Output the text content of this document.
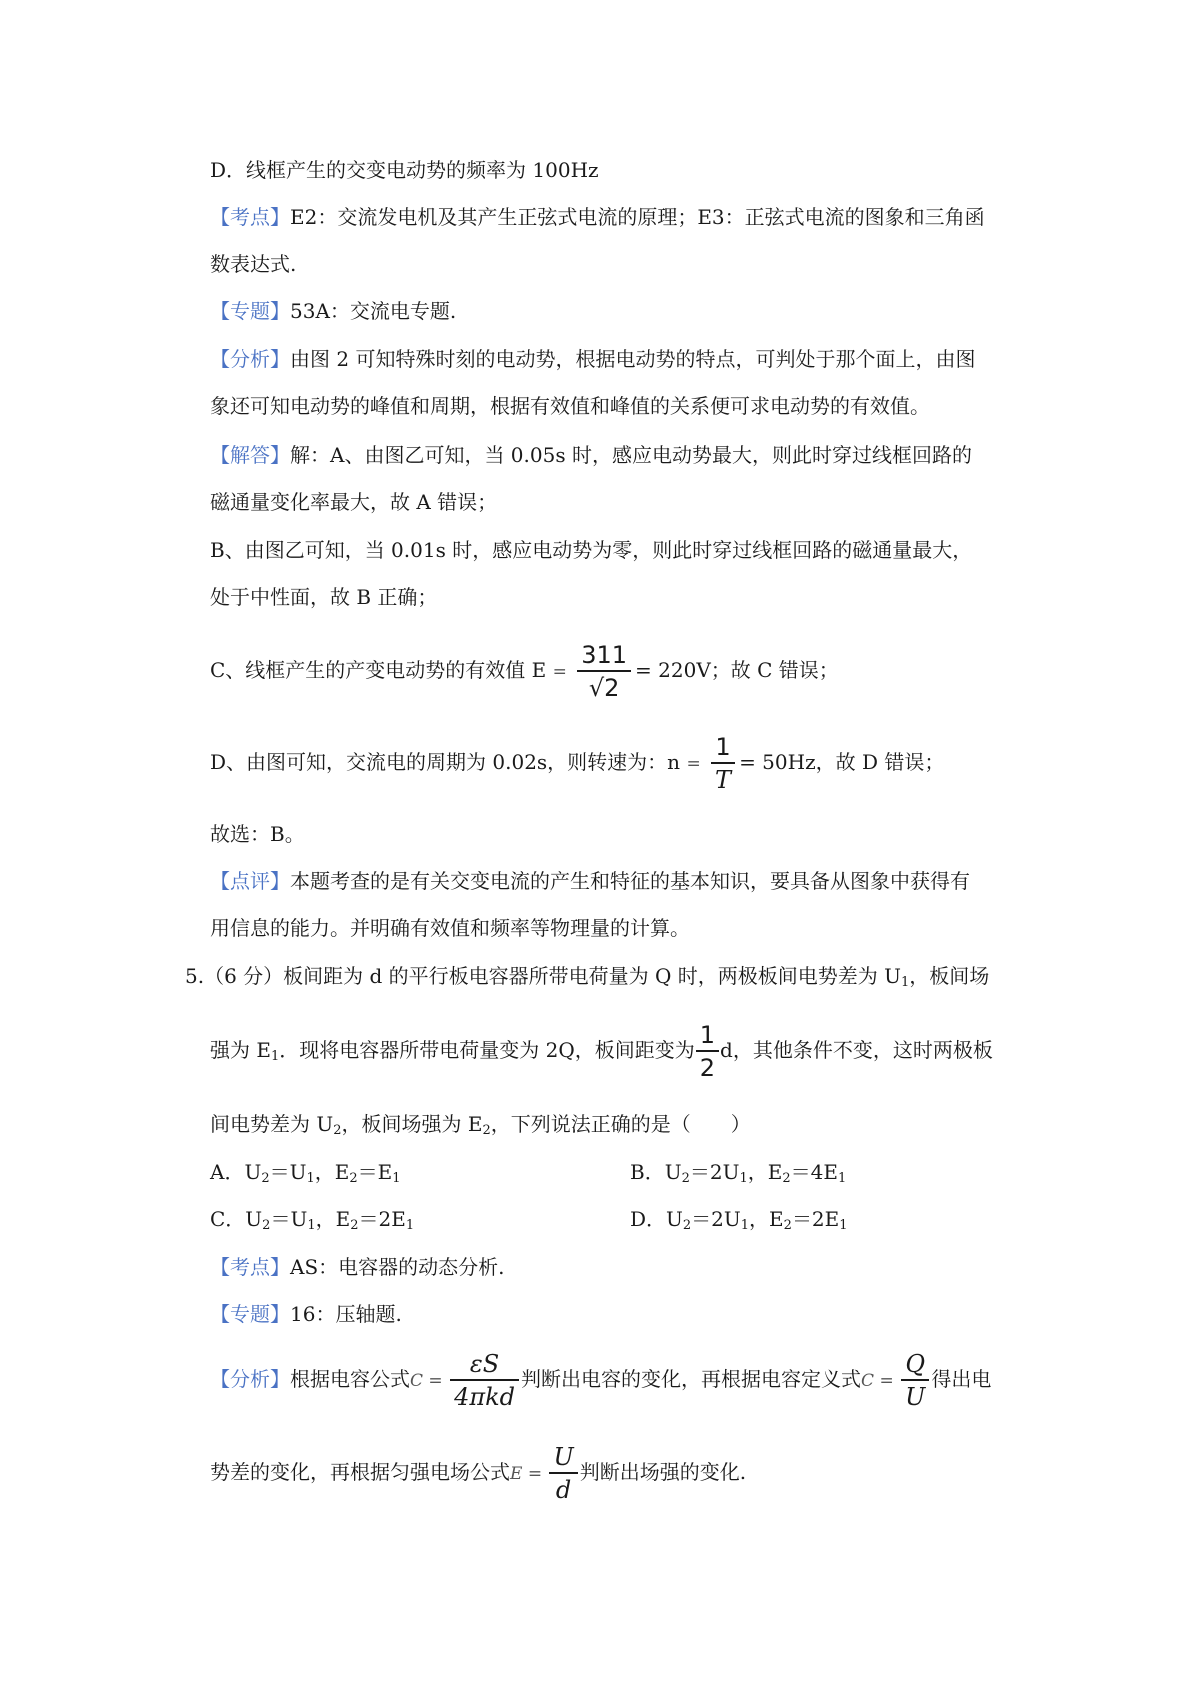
D．线框产生的交变电动势的频率为 100Hz
【考点】E2：交流发电机及其产生正弦式电流的原理；E3：正弦式电流的图象和三角函
数表达式.
【专题】53A：交流电专题.
【分析】由图 2 可知特殊时刻的电动势，根据电动势的特点，可判处于那个面上，由图
象还可知电动势的峰值和周期，根据有效值和峰值的关系便可求电动势的有效值。
【解答】解：A、由图乙可知，当 0.05s 时，感应电动势最大，则此时穿过线框回路的
磁通量变化率最大，故 A 错误；
B、由图乙可知，当 0.01s 时，感应电动势为零，则此时穿过线框回路的磁通量最大，
处于中性面，故 B 正确；
C、线框产生的产变电动势的有效值 $E = \frac{311}{√2} = 220V$；故 C 错误；
D、由图可知，交流电的周期为 0.02s，则转速为：$n = \frac{1}{T} = 50Hz$，故 D 错误；
故选：B。
【点评】本题考查的是有关交变电流的产生和特征的基本知识，要具备从图象中获得有
用信息的能力。并明确有效值和频率等物理量的计算。
5.（6 分）板间距为 d 的平行板电容器所带电荷量为 Q 时，两极板间电势差为 $U_1$，板间场
强为 $E_1$．现将电容器所带电荷量变为 2Q，板间距变为 $\frac{1}{2}$ d，其他条件不变，这时两极板
间电势差为 $U_2$，板间场强为 $E_2$，下列说法正确的是（　　）
A．$U_2=U_1$，$E_2=E_1$	B．$U_2=2U_1$，$E_2=4E_1$
C．$U_2=U_1$，$E_2=2E_1$	D．$U_2=2U_1$，$E_2=2E_1$
【考点】AS：电容器的动态分析.
【专题】16：压轴题.
【分析】根据电容公式$C = \frac{\varepsilon S}{\text{4πkd}}$ 判断出电容的变化，再根据电容定义式$C = \frac{Q}{U}$ 得出电
势差的变化，再根据匀强电场公式$E = \frac{U}{d}$ 判断出场强的变化.
